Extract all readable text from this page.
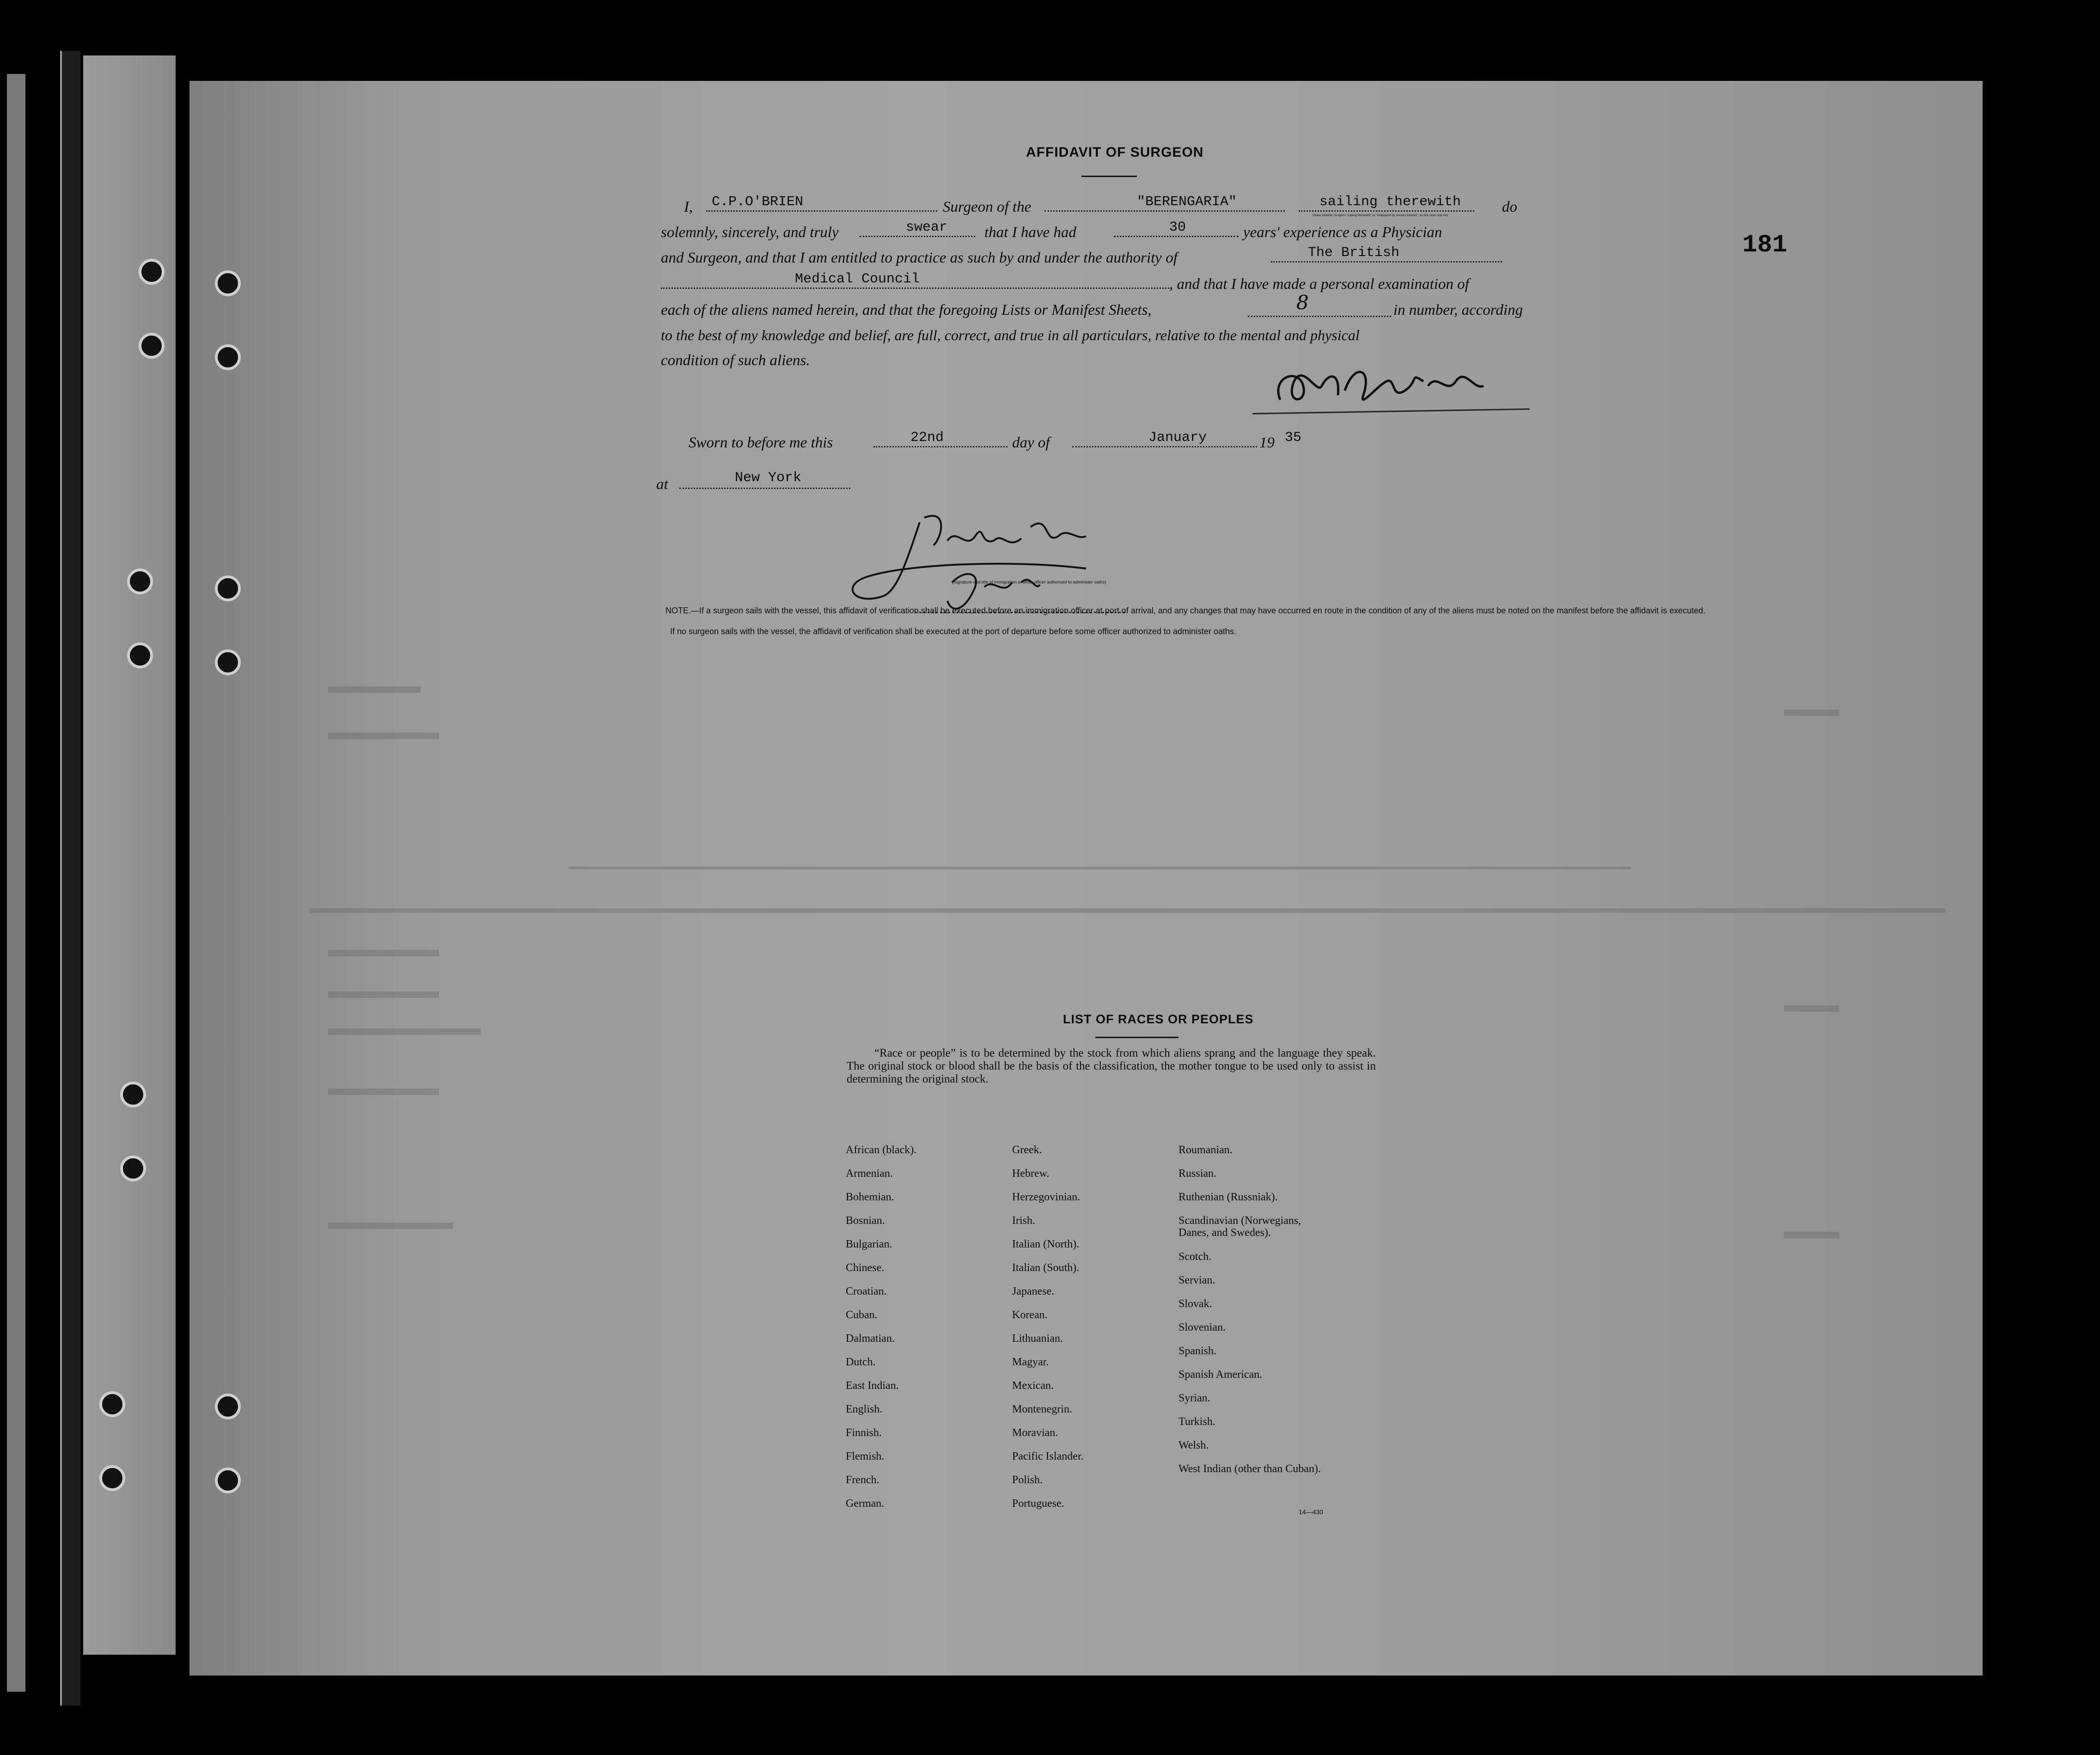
AFFIDAVIT OF SURGEON
181
I, C.P.O'BRIEN	Surgeon of the	"BERENGARIA"	sailing therewith
(State whether Surgeon "sailing therewith" or "employed by owners thereof," as the case may be)	do
solemnly, sincerely, and truly	swear that I have had	30	years' experience as a Physician
and Surgeon, and that I am entitled to practice as such by and under the authority of	The British
Medical Council	, and that I have made a personal examination of
each of the aliens named herein, and that the foregoing Lists or Manifest Sheets,	8	in number, according
to the best of my knowledge and belief, are full, correct, and true in all particulars, relative to the mental and physical
condition of such aliens.
Sworn to before me this	22nd	day of	January	19 35
at	New York
(Signature and title of immigration or other officer authorized to administer oaths)
NOTE.—If a surgeon sails with the vessel, this affidavit of verification shall be executed before an immigration officer at port of arrival, and any changes that may have occurred en route in the condition of any of the aliens must be noted on the manifest before the affidavit is executed.
If no surgeon sails with the vessel, the affidavit of verification shall be executed at the port of departure before some officer authorized to administer oaths.
LIST OF RACES OR PEOPLES
“Race or people” is to be determined by the stock from which aliens sprang and the language they speak. The original stock or blood shall be the basis of the classification, the mother tongue to be used only to assist in determining the original stock.
African (black).
Armenian.
Bohemian.
Bosnian.
Bulgarian.
Chinese.
Croatian.
Cuban.
Dalmatian.
Dutch.
East Indian.
English.
Finnish.
Flemish.
French.
German.
Greek.
Hebrew.
Herzegovinian.
Irish.
Italian (North).
Italian (South).
Japanese.
Korean.
Lithuanian.
Magyar.
Mexican.
Montenegrin.
Moravian.
Pacific Islander.
Polish.
Portuguese.
Roumanian.
Russian.
Ruthenian (Russniak).
Scandinavian (Norwegians, Danes, and Swedes).
Scotch.
Servian.
Slovak.
Slovenian.
Spanish.
Spanish American.
Syrian.
Turkish.
Welsh.
West Indian (other than Cuban).
14—430
